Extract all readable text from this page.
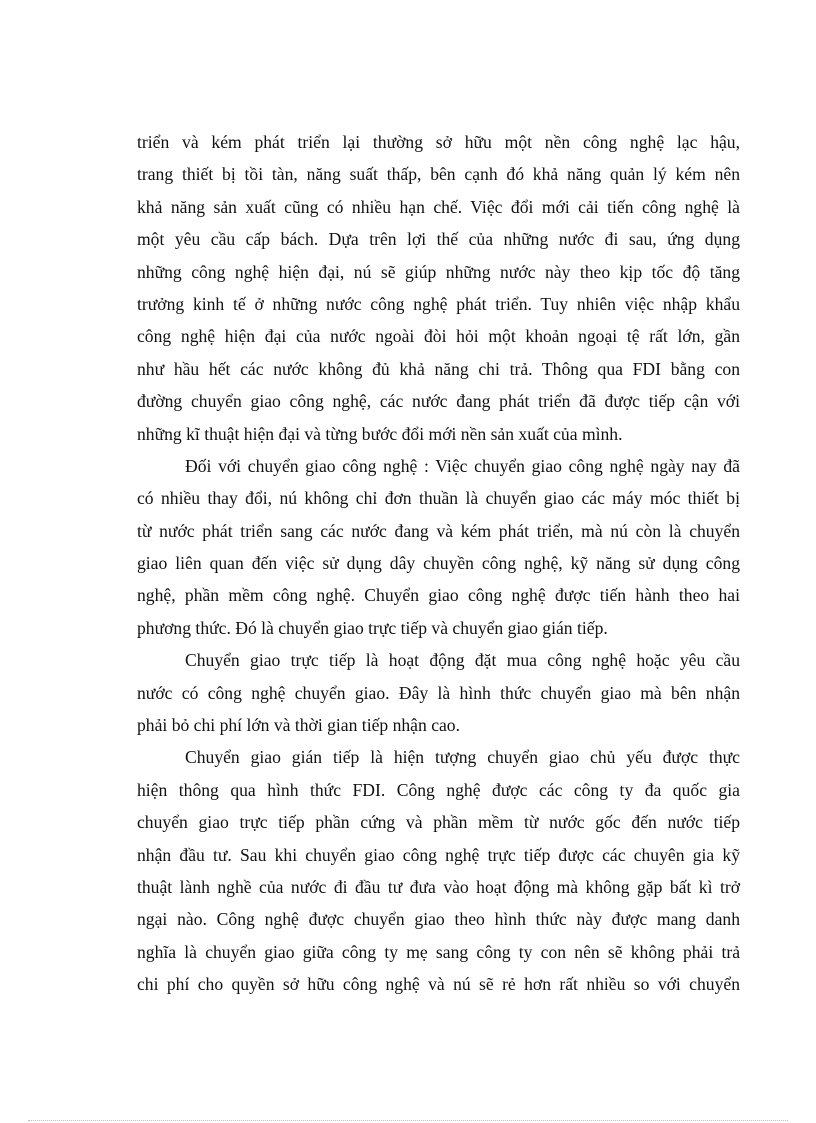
triển và kém phát triển lại thường sở hữu một nền công nghệ lạc hậu,
trang thiết bị tồi tàn, năng suất thấp, bên cạnh đó khả năng quản lý kém nên
khả năng sản xuất cũng có nhiều hạn chế. Việc đổi mới cải tiến công nghệ là
một yêu cầu cấp bách. Dựa trên lợi thế của những nước đi sau, ứng dụng
những công nghệ hiện đại, nú sẽ giúp những nước này theo kịp tốc độ tăng
trưởng kinh tế ở những nước công nghệ phát triển. Tuy nhiên việc nhập khẩu
công nghệ hiện đại của nước ngoài đòi hỏi một khoản ngoại tệ rất lớn, gần
như hầu hết các nước không đủ khả năng chi trả. Thông qua FDI bằng con
đường chuyển giao công nghệ, các nước đang phát triển đã được tiếp cận với
những kĩ thuật hiện đại và từng bước đổi mới nền sản xuất của mình.
Đối với chuyển giao công nghệ : Việc chuyển giao công nghệ ngày nay đã
có nhiều thay đổi, nú không chỉ đơn thuần là chuyển giao các máy móc thiết bị
từ nước phát triển sang các nước đang và kém phát triển, mà nú còn là chuyển
giao liên quan đến việc sử dụng dây chuyền công nghệ, kỹ năng sử dụng công
nghệ, phần mềm công nghệ. Chuyển giao công nghệ được tiến hành theo hai
phương thức. Đó là chuyển giao trực tiếp và chuyển giao gián tiếp.
Chuyển giao trực tiếp là hoạt động đặt mua công nghệ hoặc yêu cầu
nước có công nghệ chuyển giao. Đây là hình thức chuyển giao mà bên nhận
phải bỏ chi phí lớn và thời gian tiếp nhận cao.
Chuyển giao gián tiếp là hiện tượng chuyển giao chủ yếu được thực
hiện thông qua hình thức FDI. Công nghệ được các công ty đa quốc gia
chuyển giao trực tiếp phần cứng và phần mềm từ nước gốc đến nước tiếp
nhận đầu tư. Sau khi chuyển giao công nghệ trực tiếp được các chuyên gia kỹ
thuật lành nghề của nước đi đầu tư đưa vào hoạt động mà không gặp bất kì trở
ngại nào. Công nghệ được chuyển giao theo hình thức này được mang danh
nghĩa là chuyển giao giữa công ty mẹ sang công ty con nên sẽ không phải trả
chi phí cho quyền sở hữu công nghệ và nú sẽ rẻ hơn rất nhiều so với chuyển
